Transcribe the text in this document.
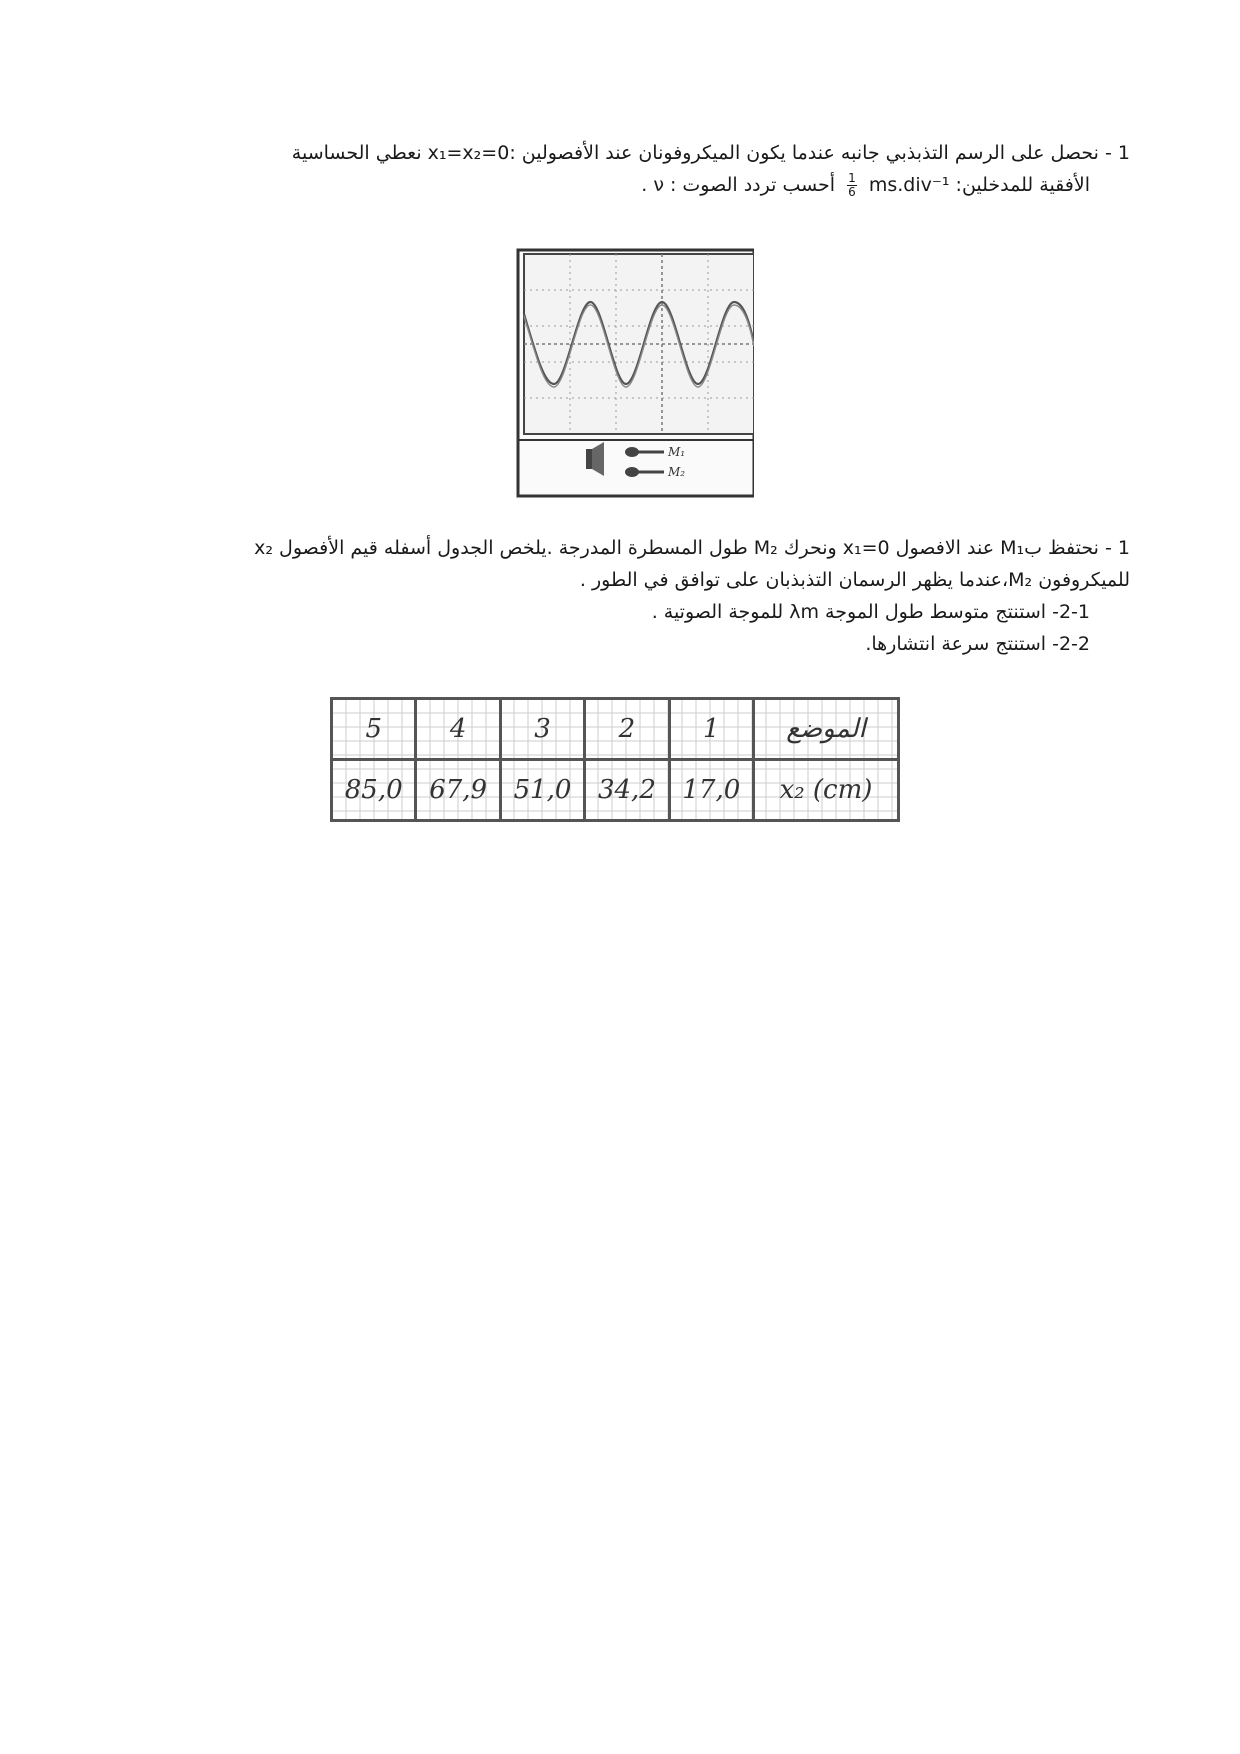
1 - نحصل على الرسم التذبذبي جانبه عندما يكون الميكروفونان عند الأفصولين :x₁=x₂=0 نعطي الحساسية
الأفقية للمدخلين: ms.div⁻¹
$\frac{1}{6}$
أحسب تردد الصوت : ν .
M₁
M₂
1 - نحتفظ بM₁ عند الافصول x₁=0 ونحرك M₂ طول المسطرة المدرجة .يلخص الجدول أسفله قيم الأفصول x₂
للميكروفون M₂،عندما يظهر الرسمان التذبذبان على توافق في الطور .
2-1- استنتج متوسط طول الموجة λm للموجة الصوتية .
2-2- استنتج سرعة انتشارها.
الموضع	1	2	3	4	5
x₂ (cm)	17,0	34,2	51,0	67,9	85,0
